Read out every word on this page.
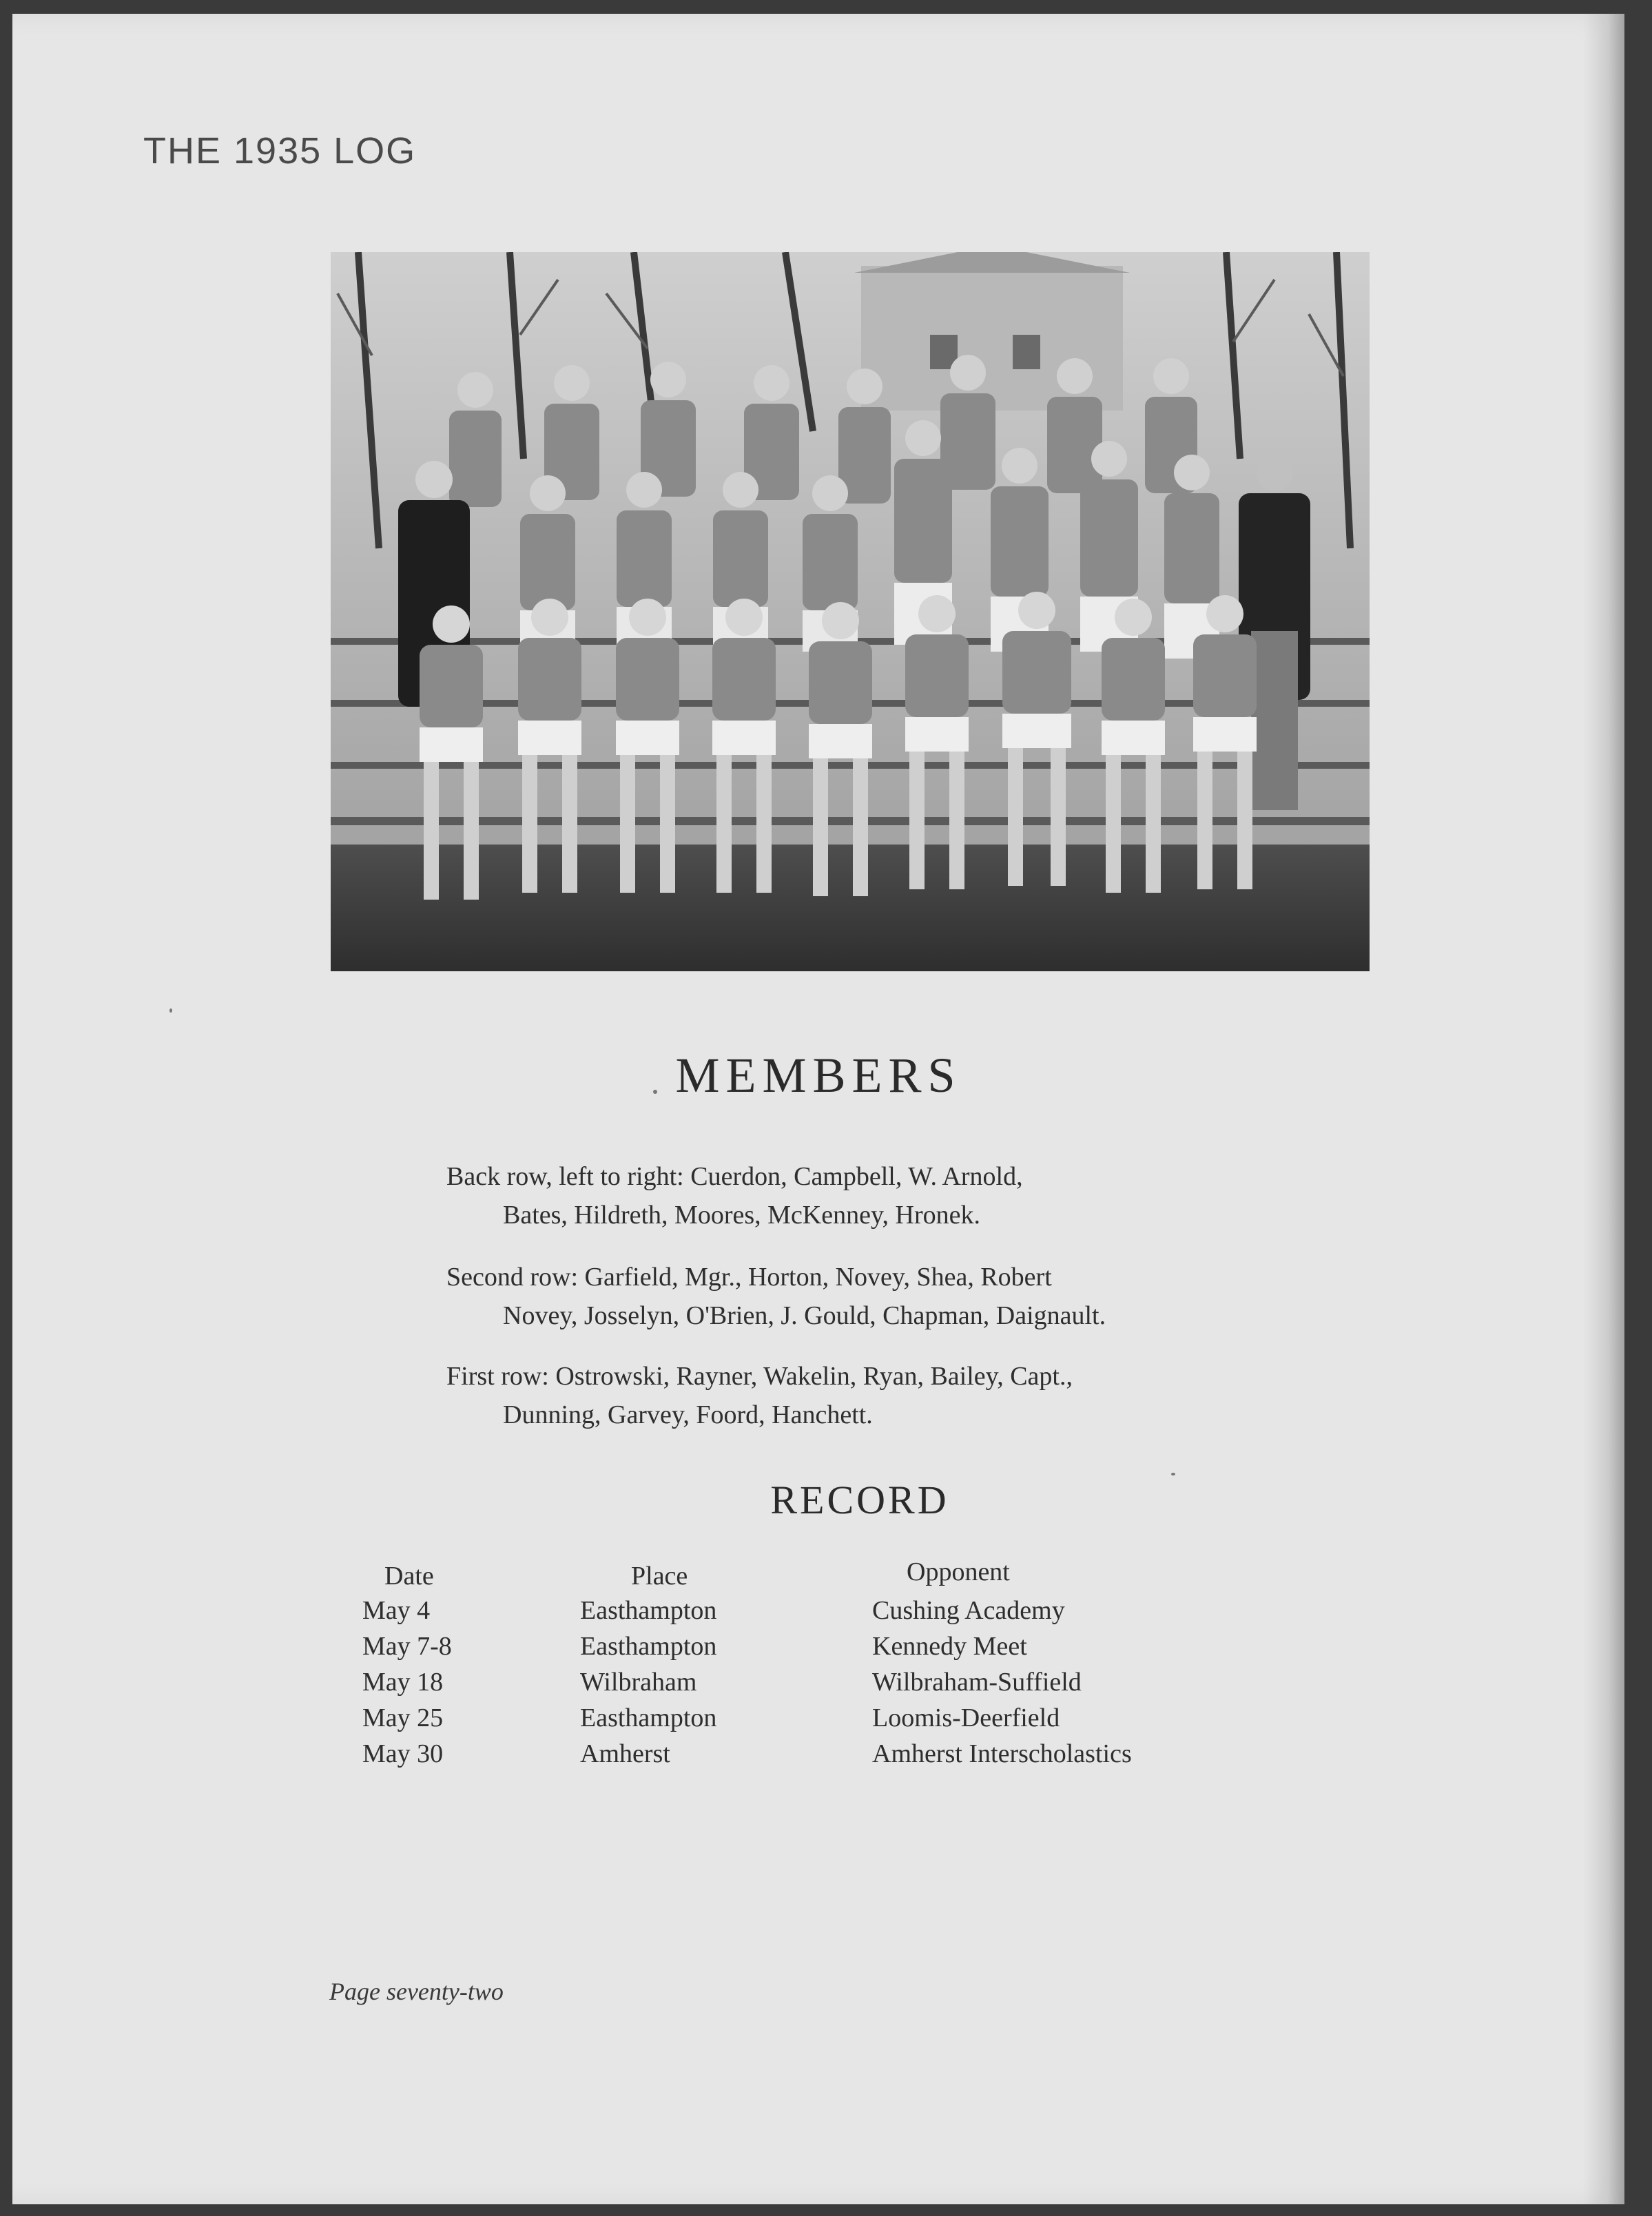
THE 1935 LOG
MEMBERS
Back row, left to right: Cuerdon, Campbell, W. Arnold,
Bates, Hildreth, Moores, McKenney, Hronek.
Second row: Garfield, Mgr., Horton, Novey, Shea, Robert
Novey, Josselyn, O'Brien, J. Gould, Chapman, Daignault.
First row: Ostrowski, Rayner, Wakelin, Ryan, Bailey, Capt.,
Dunning, Garvey, Foord, Hanchett.
RECORD
Date	Place	Opponent
May 4	Easthampton	Cushing Academy
May 7-8	Easthampton	Kennedy Meet
May 18	Wilbraham	Wilbraham-Suffield
May 25	Easthampton	Loomis-Deerfield
May 30	Amherst	Amherst Interscholastics
Page seventy-two
